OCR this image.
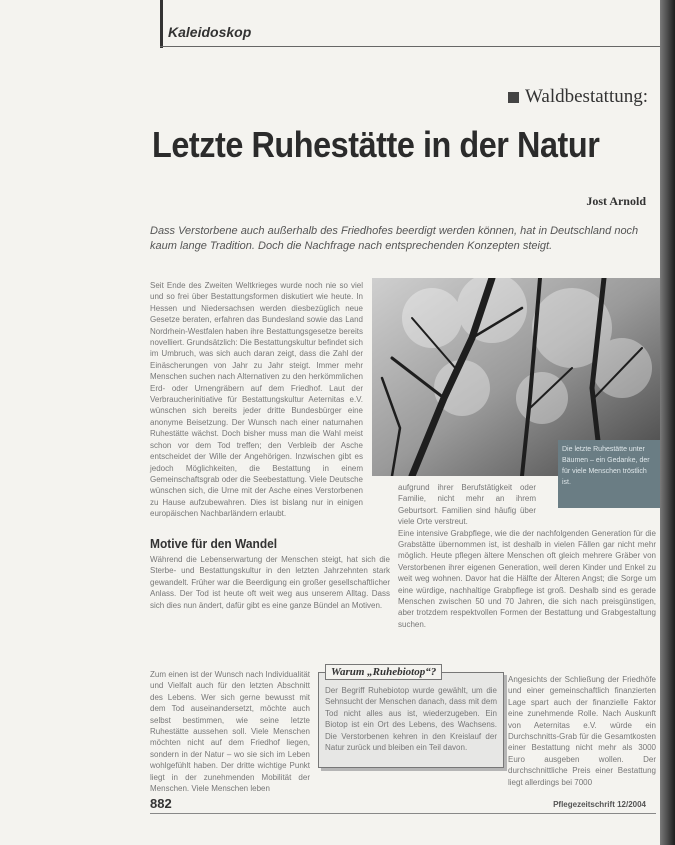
Kaleidoskop
Waldbestattung:
Letzte Ruhestätte in der Natur
Jost Arnold
Dass Verstorbene auch außerhalb des Friedhofes beerdigt werden können, hat in Deutschland noch kaum lange Tradition. Doch die Nachfrage nach entsprechenden Konzepten steigt.

Seit Ende des Zweiten Weltkrieges wurde noch nie so viel und so frei über Bestattungsformen diskutiert wie heute. In Hessen und Niedersachsen werden diesbezüglich neue Gesetze beraten, erfahren das Bundesland sowie das Land Nordrhein-Westfalen haben ihre Bestattungsgesetze bereits novelliert. Grundsätzlich: Die Bestattungskultur befindet sich im Umbruch, was sich auch daran zeigt, dass die Zahl der Einäscherungen von Jahr zu Jahr steigt. Immer mehr Menschen suchen nach Alternativen zu den herkömmlichen Erd- oder Urnengräbern auf dem Friedhof. Laut der Verbraucherinitiative für Bestattungskultur Aeternitas e.V. wünschen sich bereits jeder dritte Bundesbürger eine anonyme Beisetzung. Der Wunsch nach einer naturnahen Ruhestätte wächst. Doch bisher muss man die Wahl meist schon vor dem Tod treffen; den Verbleib der Asche entscheidet der Wille der Angehörigen. Inzwischen gibt es jedoch Möglichkeiten, die Bestattung in einem Gemeinschaftsgrab oder die Seebestattung. Viele Deutsche wünschen sich, die Urne mit der Asche eines Verstorbenen zu Hause aufzubewahren. Dies ist bislang nur in einigen europäischen Nachbarländern erlaubt.

Die letzte Ruhestätte unter Bäumen – ein Gedanke, der für viele Menschen tröstlich ist.

aufgrund ihrer Berufstätigkeit oder Familie, nicht mehr an ihrem Geburtsort. Familien sind häufig über viele Orte verstreut.

Eine intensive Grabpflege, wie die der nachfolgenden Generation für die Grabstätte übernommen ist, ist deshalb in vielen Fällen gar nicht mehr möglich. Heute pflegen ältere Menschen oft gleich mehrere Gräber von Verstorbenen ihrer eigenen Generation, weil deren Kinder und Enkel zu weit weg wohnen. Davor hat die Hälfte der Älteren Angst; die Sorge um eine würdige, nachhaltige Grabpflege ist groß. Deshalb sind es gerade Menschen zwischen 50 und 70 Jahren, die sich nach preisgünstigen, aber trotzdem respektvollen Formen der Bestattung und Grabgestaltung suchen.

Motive für den Wandel

Während die Lebenserwartung der Menschen steigt, hat sich die Sterbe- und Bestattungskultur in den letzten Jahrzehnten stark gewandelt. Früher war die Beerdigung ein großer gesellschaftlicher Anlass. Der Tod ist heute oft weit weg aus unserem Alltag. Dass sich dies nun ändert, dafür gibt es eine ganze Bündel an Motiven.

Zum einen ist der Wunsch nach Individualität und Vielfalt auch für den letzten Abschnitt des Lebens. Wer sich gerne bewusst mit dem Tod auseinandersetzt, möchte auch selbst bestimmen, wie seine letzte Ruhestätte aussehen soll. Viele Menschen möchten nicht auf dem Friedhof liegen, sondern in der Natur – wo sie sich im Leben wohlgefühlt haben. Der dritte wichtige Punkt liegt in der zunehmenden Mobilität der Menschen. Viele Menschen leben

Warum „Ruhebiotop“?
Der Begriff Ruhebiotop wurde gewählt, um die Sehnsucht der Menschen danach, dass mit dem Tod nicht alles aus ist, wiederzugeben. Ein Biotop ist ein Ort des Lebens, des Wachsens. Die Verstorbenen kehren in den Kreislauf der Natur zurück und bleiben ein Teil davon.

Angesichts der Schließung der Friedhöfe und einer gemeinschaftlich finanzierten Lage spart auch der finanzielle Faktor eine zunehmende Rolle. Nach Auskunft von Aeternitas e.V. würde ein Durchschnitts-Grab für die Gesamtkosten einer Bestattung nicht mehr als 3000 Euro ausgeben wollen. Der durchschnittliche Preis einer Bestattung liegt allerdings bei 7000

882	Pflegezeitschrift 12/2004
